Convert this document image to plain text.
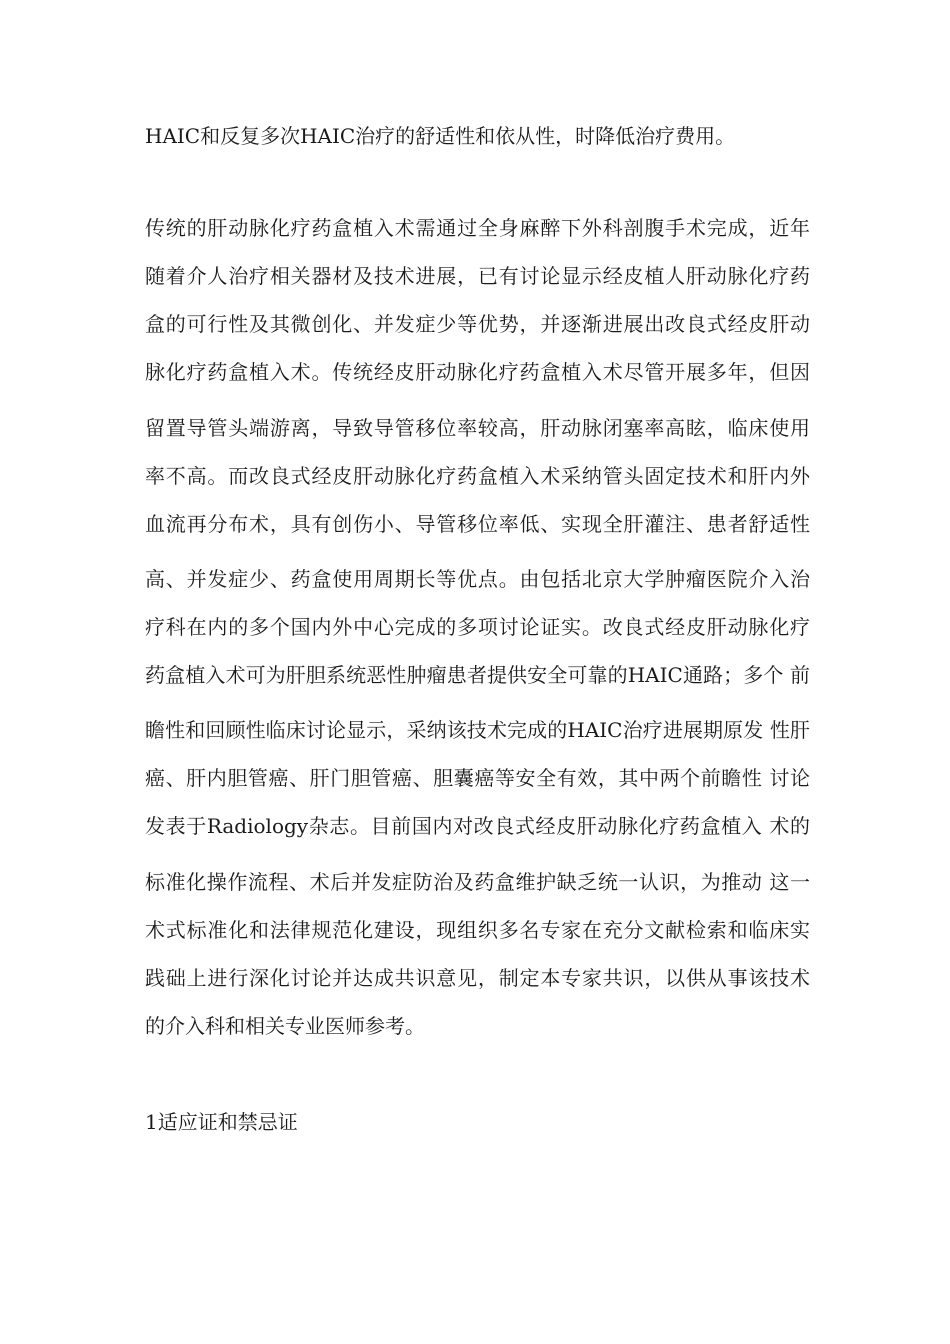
HAIC和反复多次HAIC治疗的舒适性和依从性，时降低治疗费用。
传统的肝动脉化疗药盒植入术需通过全身麻醉下外科剖腹手术完成，近年
随着介人治疗相关器材及技术进展，已有讨论显示经皮植人肝动脉化疗药
盒的可行性及其微创化、并发症少等优势，并逐渐进展出改良式经皮肝动
脉化疗药盒植入术。传统经皮肝动脉化疗药盒植入术尽管开展多年，但因
留置导管头端游离，导致导管移位率较高，肝动脉闭塞率高眩，临床使用
率不高。而改良式经皮肝动脉化疗药盒植入术采纳管头固定技术和肝内外
血流再分布术，具有创伤小、导管移位率低、实现全肝灌注、患者舒适性
高、并发症少、药盒使用周期长等优点。由包括北京大学肿瘤医院介入治
疗科在内的多个国内外中心完成的多项讨论证实。改良式经皮肝动脉化疗
药盒植入术可为肝胆系统恶性肿瘤患者提供安全可靠的HAIC通路；多个 前
瞻性和回顾性临床讨论显示，采纳该技术完成的HAIC治疗进展期原发 性肝
癌、肝内胆管癌、肝门胆管癌、胆囊癌等安全有效，其中两个前瞻性 讨论
发表于Radiology杂志。目前国内对改良式经皮肝动脉化疗药盒植入 术的
标准化操作流程、术后并发症防治及药盒维护缺乏统一认识，为推动 这一
术式标准化和法律规范化建设，现组织多名专家在充分文献检索和临床实
践础上进行深化讨论并达成共识意见，制定本专家共识，以供从事该技术
的介入科和相关专业医师参考。
1适应证和禁忌证
